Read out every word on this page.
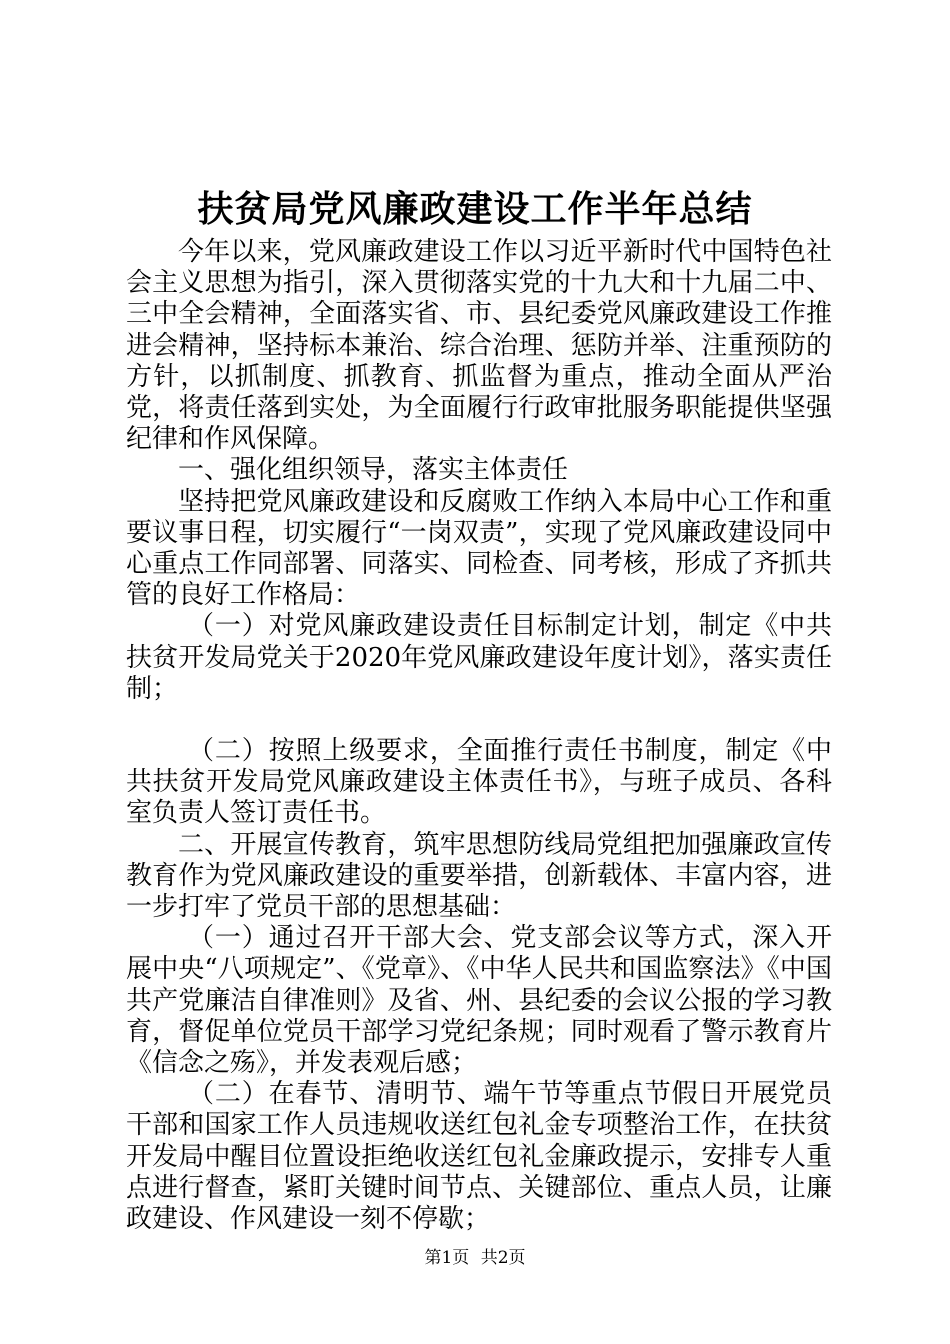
扶贫局党风廉政建设工作半年总结

今年以来，党风廉政建设工作以习近平新时代中国特色社会主义思想为指引，深入贯彻落实党的十九大和十九届二中、三中全会精神，全面落实省、市、县纪委党风廉政建设工作推进会精神，坚持标本兼治、综合治理、惩防并举、注重预防的方针，以抓制度、抓教育、抓监督为重点，推动全面从严治党，将责任落到实处，为全面履行行政审批服务职能提供坚强纪律和作风保障。

一、强化组织领导，落实主体责任

坚持把党风廉政建设和反腐败工作纳入本局中心工作和重要议事日程，切实履行“一岗双责”，实现了党风廉政建设同中心重点工作同部署、同落实、同检查、同考核，形成了齐抓共管的良好工作格局：

（一）对党风廉政建设责任目标制定计划，制定《中共扶贫开发局党关于2020年党风廉政建设年度计划》，落实责任制；

（二）按照上级要求，全面推行责任书制度，制定《中共扶贫开发局党风廉政建设主体责任书》，与班子成员、各科室负责人签订责任书。

二、开展宣传教育，筑牢思想防线局党组把加强廉政宣传教育作为党风廉政建设的重要举措，创新载体、丰富内容，进一步打牢了党员干部的思想基础：

（一）通过召开干部大会、党支部会议等方式，深入开展中央“八项规定”、《党章》、《中华人民共和国监察法》《中国共产党廉洁自律准则》及省、州、县纪委的会议公报的学习教育，督促单位党员干部学习党纪条规；同时观看了警示教育片《信念之殇》，并发表观后感；

（二）在春节、清明节、端午节等重点节假日开展党员干部和国家工作人员违规收送红包礼金专项整治工作，在扶贫开发局中醒目位置设拒绝收送红包礼金廉政提示，安排专人重点进行督查，紧盯关键时间节点、关键部位、重点人员，让廉政建设、作风建设一刻不停歇；

第1页 共2页
